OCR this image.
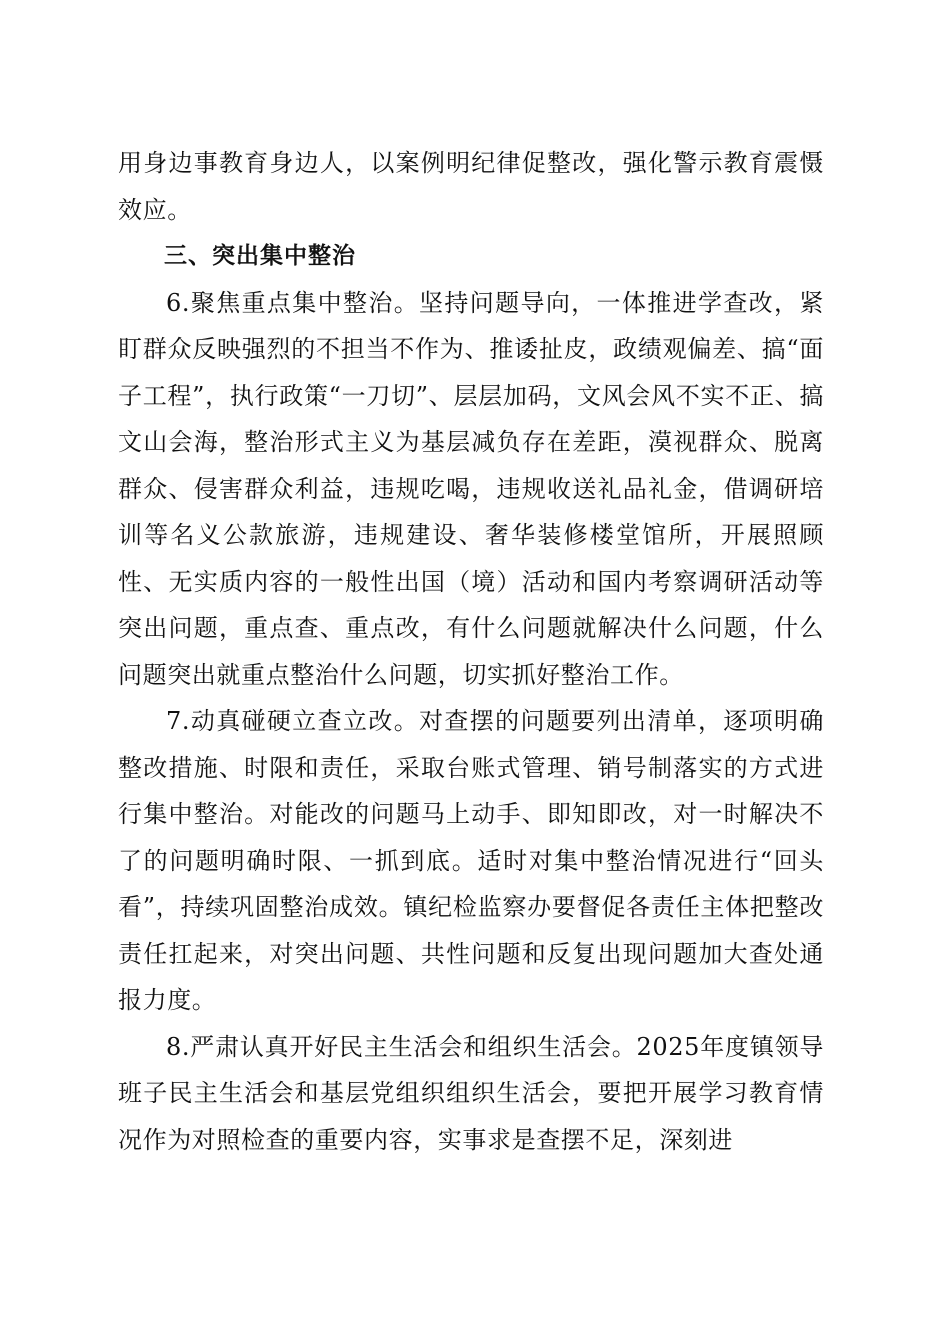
用身边事教育身边人，以案例明纪律促整改，强化警示教育震慑效应。

三、突出集中整治

6.聚焦重点集中整治。坚持问题导向，一体推进学查改，紧盯群众反映强烈的不担当不作为、推诿扯皮，政绩观偏差、搞“面子工程”，执行政策“一刀切”、层层加码，文风会风不实不正、搞文山会海，整治形式主义为基层减负存在差距，漠视群众、脱离群众、侵害群众利益，违规吃喝，违规收送礼品礼金，借调研培训等名义公款旅游，违规建设、奢华装修楼堂馆所，开展照顾性、无实质内容的一般性出国（境）活动和国内考察调研活动等突出问题，重点查、重点改，有什么问题就解决什么问题，什么问题突出就重点整治什么问题，切实抓好整治工作。

7.动真碰硬立查立改。对查摆的问题要列出清单，逐项明确整改措施、时限和责任，采取台账式管理、销号制落实的方式进行集中整治。对能改的问题马上动手、即知即改，对一时解决不了的问题明确时限、一抓到底。适时对集中整治情况进行“回头看”，持续巩固整治成效。镇纪检监察办要督促各责任主体把整改责任扛起来，对突出问题、共性问题和反复出现问题加大查处通报力度。

8.严肃认真开好民主生活会和组织生活会。2025年度镇领导班子民主生活会和基层党组织组织生活会，要把开展学习教育情况作为对照检查的重要内容，实事求是查摆不足，深刻进
